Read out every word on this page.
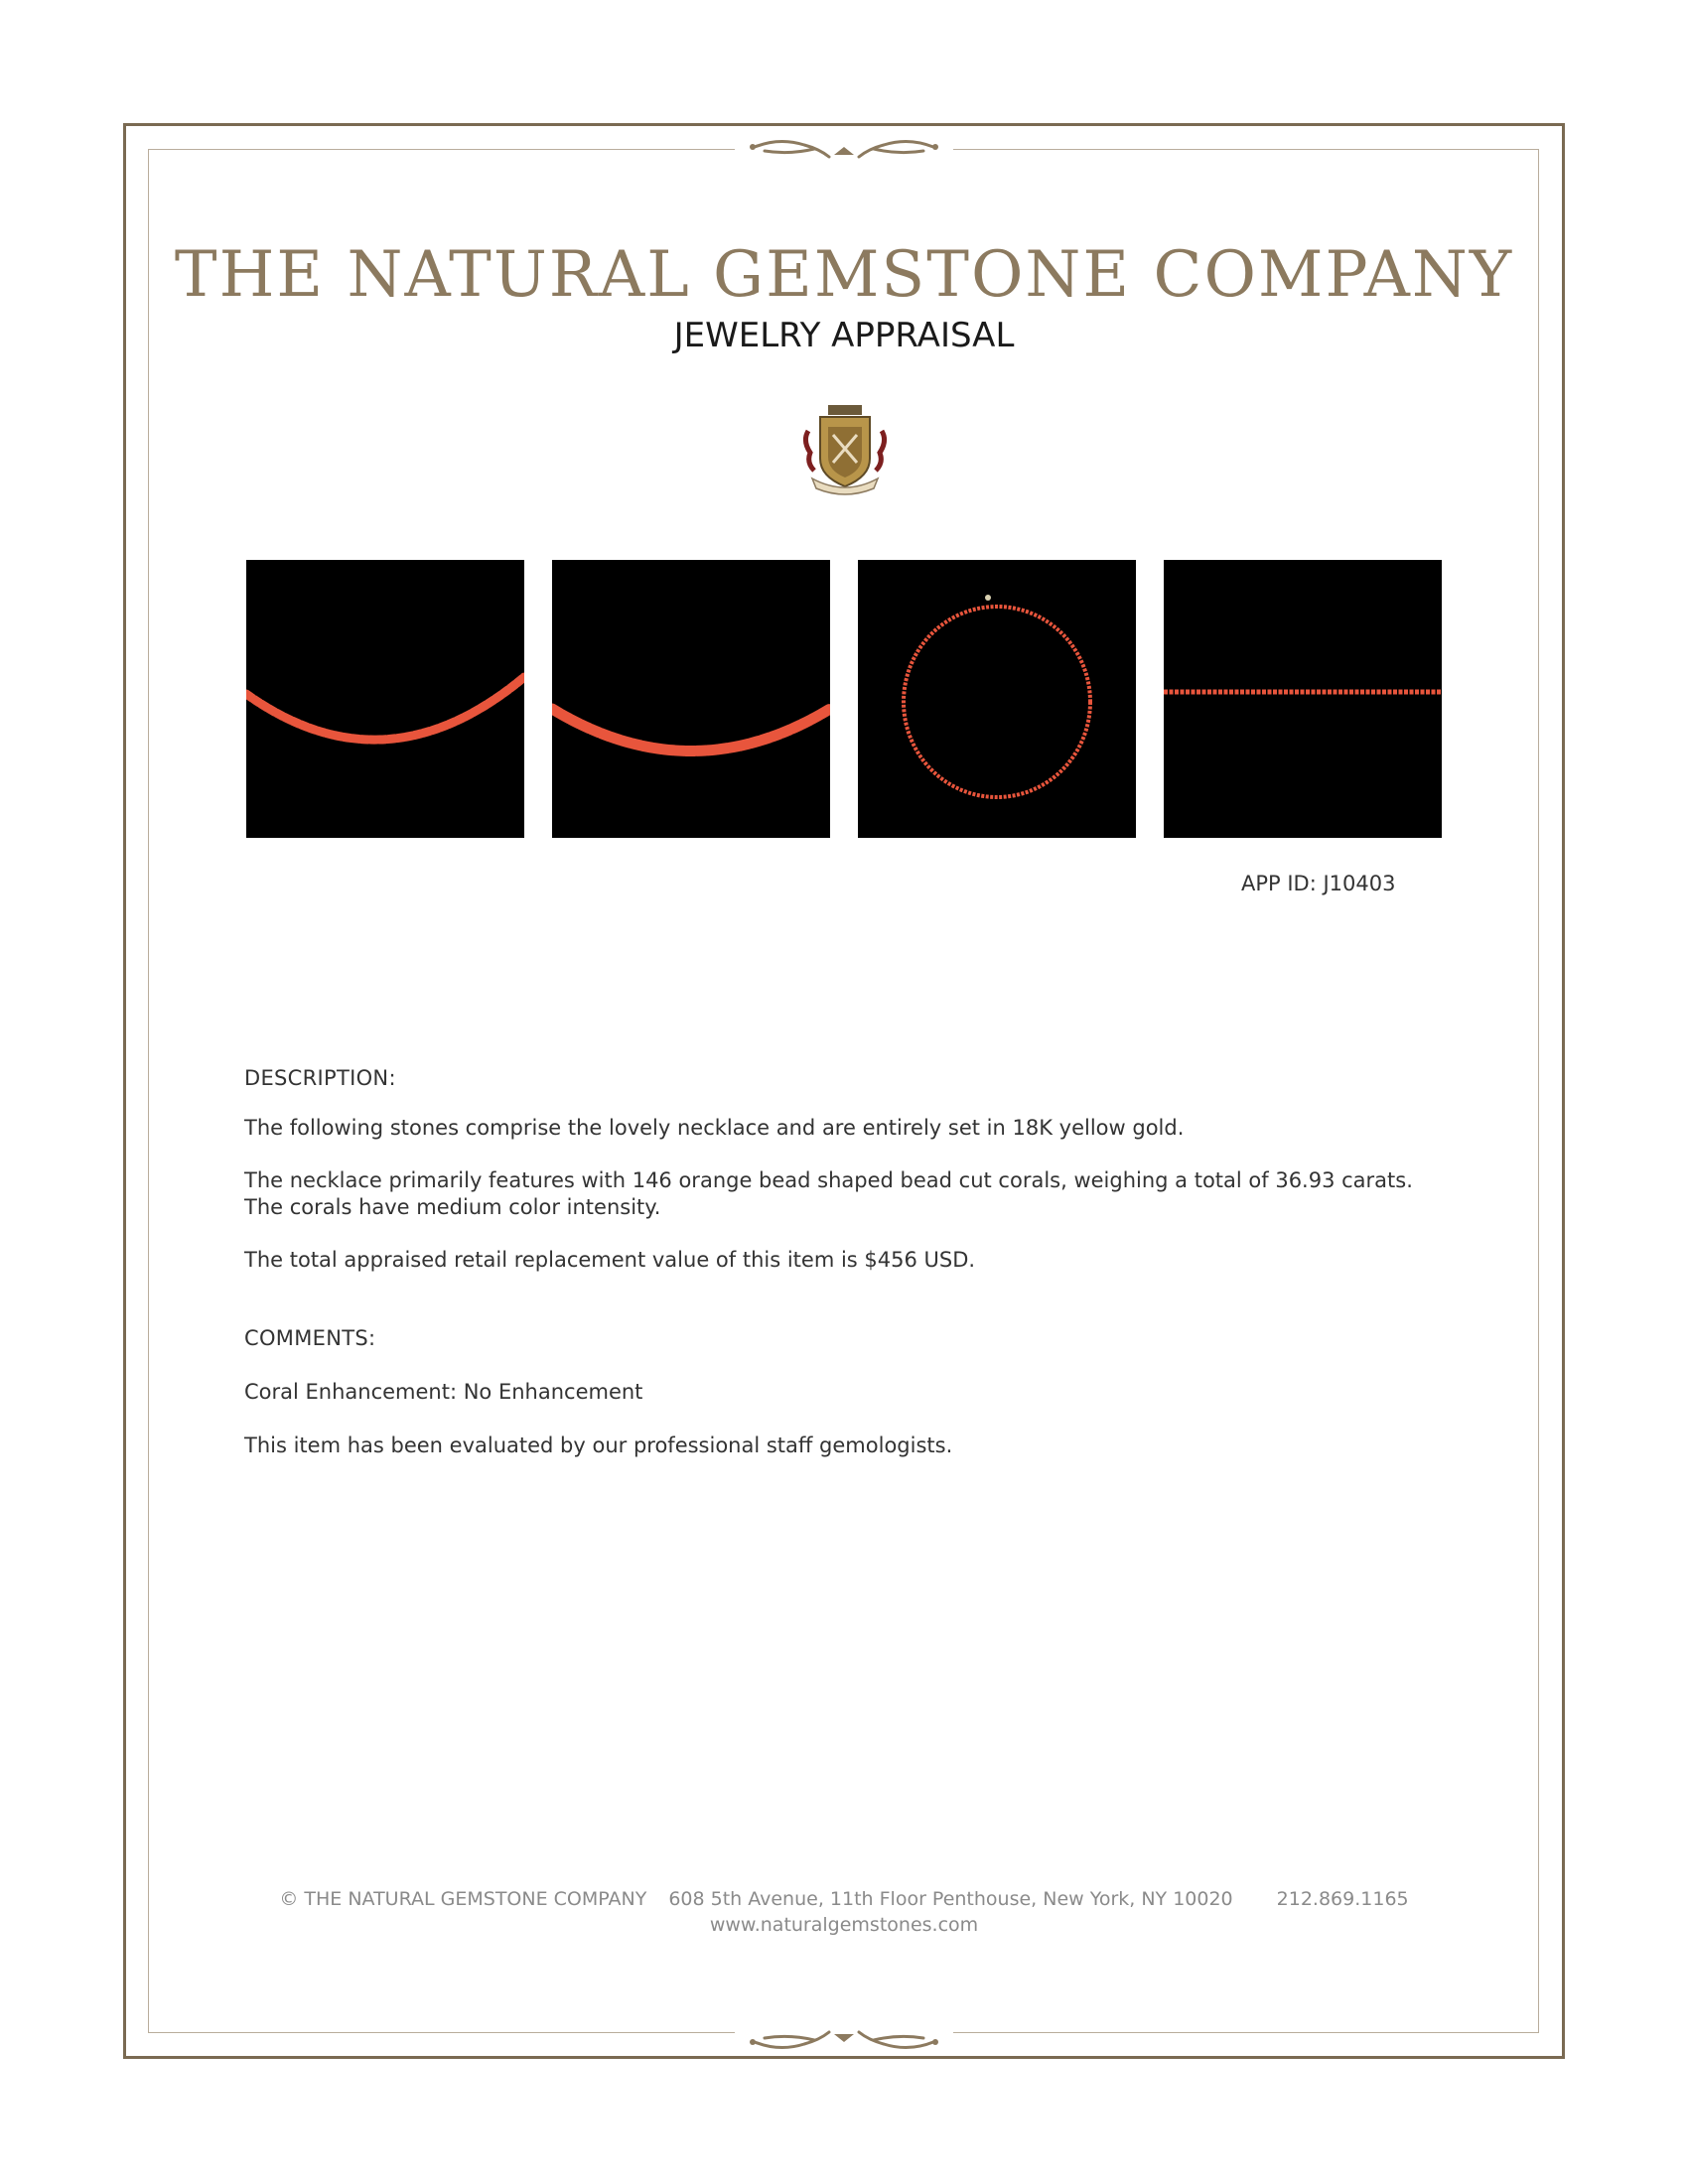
THE NATURAL GEMSTONE COMPANY
JEWELRY APPRAISAL
APP ID: J10403
DESCRIPTION:
The following stones comprise the lovely necklace and are entirely set in 18K yellow gold.
The necklace primarily features with 146 orange bead shaped bead cut corals, weighing a total of 36.93 carats.
The corals have medium color intensity.
The total appraised retail replacement value of this item is $456 USD.
COMMENTS:
Coral Enhancement: No Enhancement
This item has been evaluated by our professional staff gemologists.
© THE NATURAL GEMSTONE COMPANY 608 5th Avenue, 11th Floor Penthouse, New York, NY 10020 212.869.1165
www.naturalgemstones.com
